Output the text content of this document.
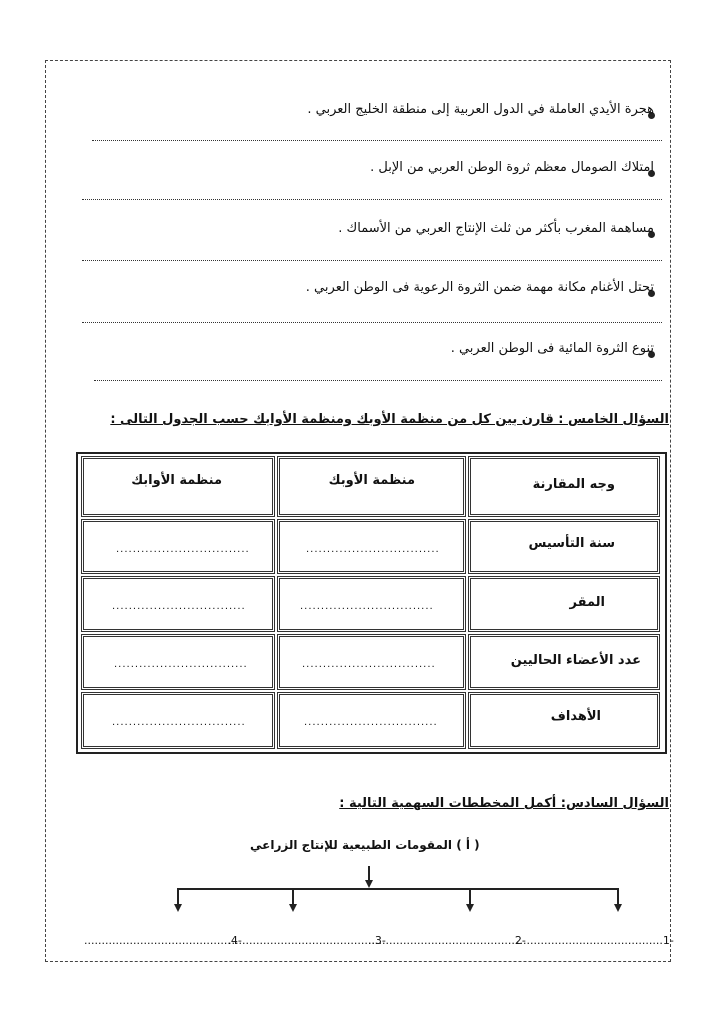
هجرة الأيدي العاملة في الدول العربية إلى منطقة الخليج العربي .
امتلاك الصومال معظم ثروة الوطن العربي من الإبل .
مساهمة المغرب بأكثر من ثلث الإنتاج العربي من الأسماك .
تحتل الأغنام مكانة مهمة ضمن الثروة الرعوية فى الوطن العربي .
تنوع الثروة المائية فى الوطن العربي .
السؤال الخامس : قارن بين كل من منظمة الأوبك ومنظمة الأوابك حسب الجدول التالى :
وجه المقارنة
منظمة الأوبك
منظمة الأوابك
سنة التأسيس
................................
................................
المقر
................................
................................
عدد الأعضاء الحاليين
................................
................................
الأهداف
................................
................................
السؤال السادس: أكمل المخططات السهمية التالية :
( أ ) المقومات الطبيعية للإنتاج الزراعي
..........................................1-
..........................................2-
..........................................3-
..........................................4-
